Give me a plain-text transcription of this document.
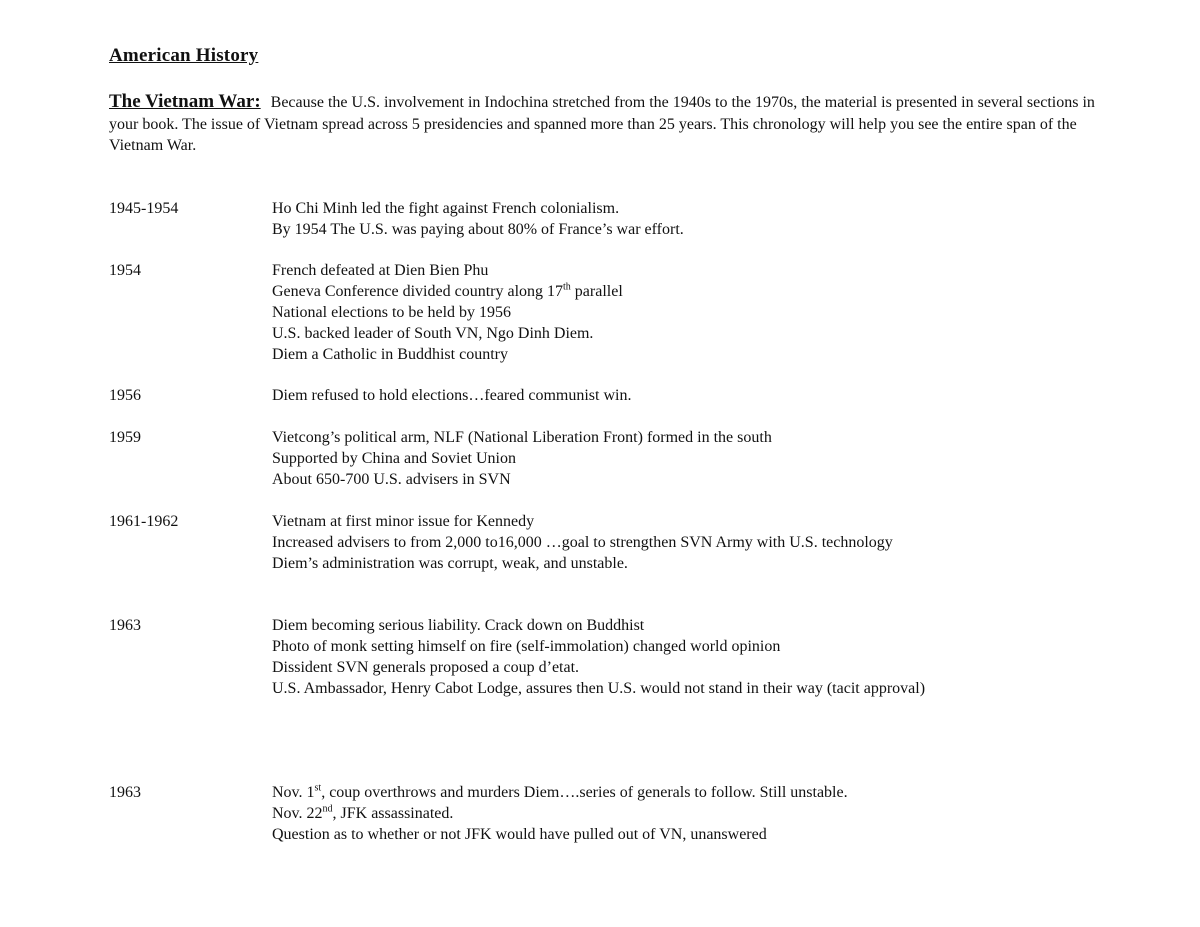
American History
The Vietnam War: Because the U.S. involvement in Indochina stretched from the 1940s to the 1970s, the material is presented in several sections in your book. The issue of Vietnam spread across 5 presidencies and spanned more than 25 years. This chronology will help you see the entire span of the Vietnam War.
1945-1954	Ho Chi Minh led the fight against French colonialism.
By 1954 The U.S. was paying about 80% of France’s war effort.
1954	French defeated at Dien Bien Phu
Geneva Conference divided country along 17th parallel
National elections to be held by 1956
U.S. backed leader of South VN, Ngo Dinh Diem.
Diem a Catholic in Buddhist country
1956	Diem refused to hold elections…feared communist win.
1959	Vietcong’s political arm, NLF (National Liberation Front) formed in the south
Supported by China and Soviet Union
About 650-700 U.S. advisers in SVN
1961-1962	Vietnam at first minor issue for Kennedy
Increased advisers to from 2,000 to16,000 …goal to strengthen SVN Army with U.S. technology
Diem’s administration was corrupt, weak, and unstable.
1963	Diem becoming serious liability. Crack down on Buddhist
Photo of monk setting himself on fire (self-immolation) changed world opinion
Dissident SVN generals proposed a coup d’etat.
U.S. Ambassador, Henry Cabot Lodge, assures then U.S. would not stand in their way (tacit approval)
1963	Nov. 1st, coup overthrows and murders Diem….series of generals to follow. Still unstable.
Nov. 22nd, JFK assassinated.
Question as to whether or not JFK would have pulled out of VN, unanswered
